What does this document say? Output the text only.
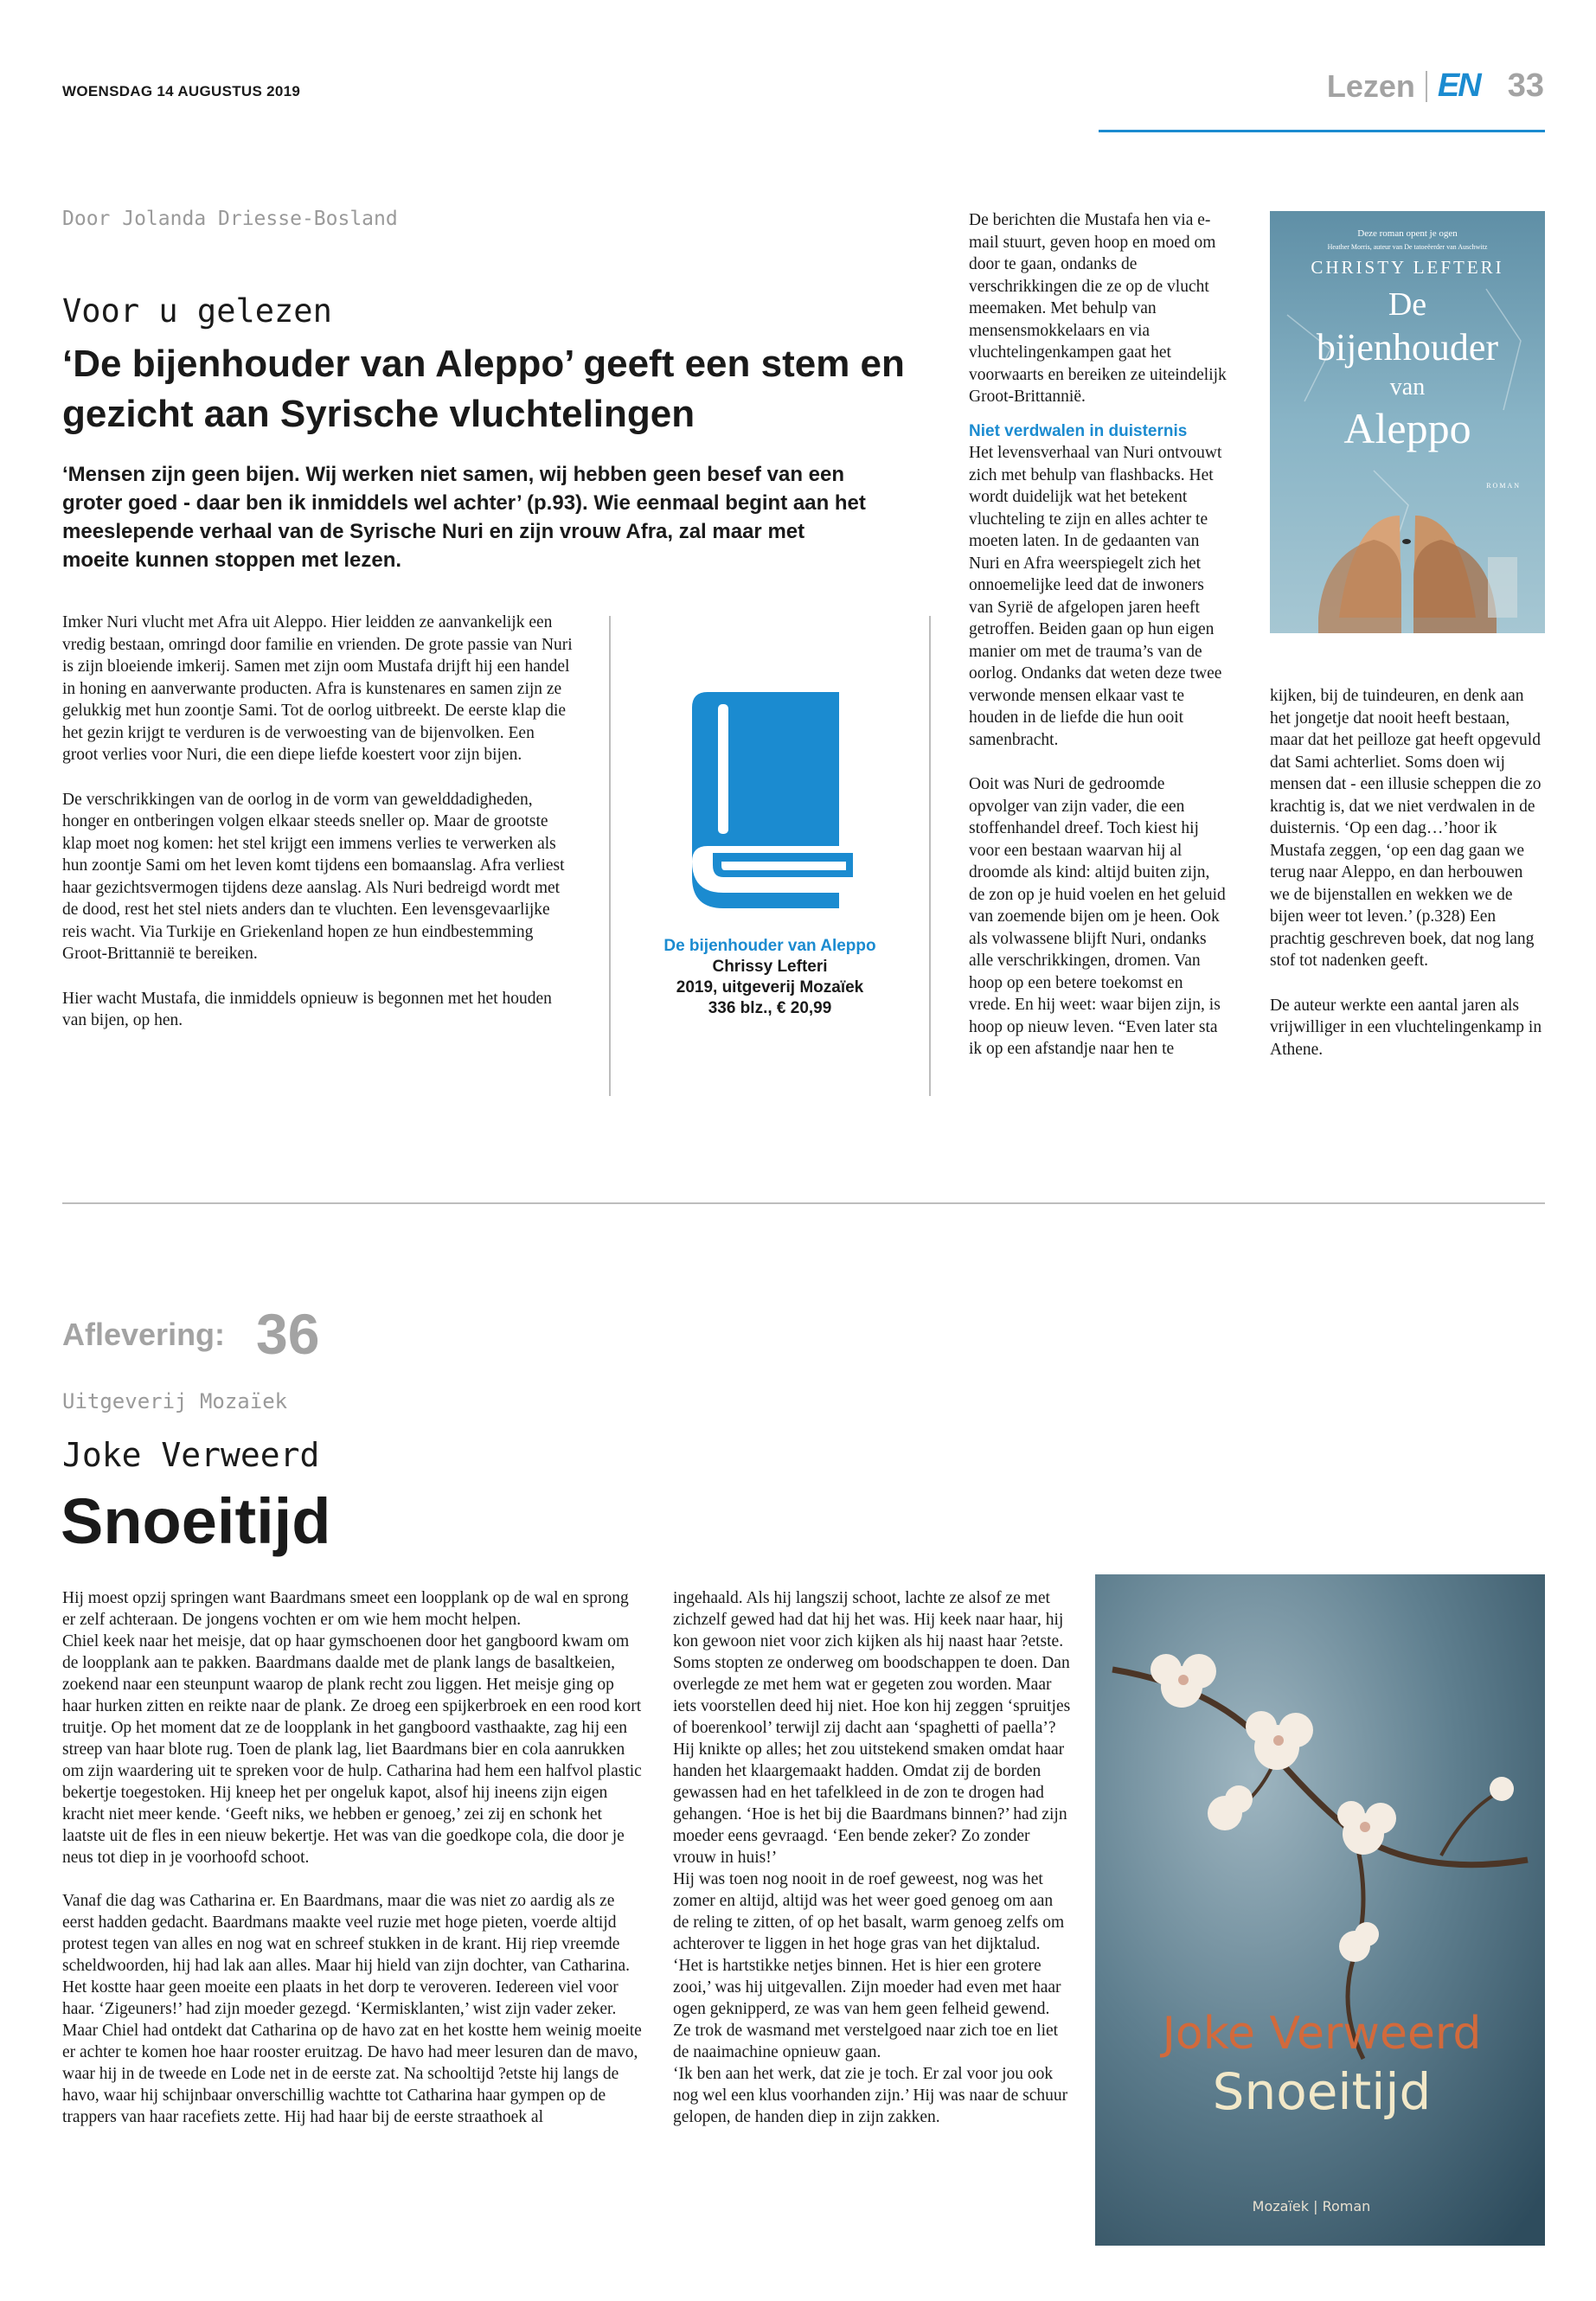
WOENSDAG 14 AUGUSTUS 2019	Lezen EN 33
Door Jolanda Driesse-Bosland
Voor u gelezen
‘De bijenhouder van Aleppo’ geeft een stem en gezicht aan Syrische vluchtelingen
‘Mensen zijn geen bijen. Wij werken niet samen, wij hebben geen besef van een groter goed - daar ben ik inmiddels wel achter’ (p.93). Wie eenmaal begint aan het meeslepende verhaal van de Syrische Nuri en zijn vrouw Afra, zal maar met moeite kunnen stoppen met lezen.

Imker Nuri vlucht met Afra uit Aleppo. Hier leidden ze aanvankelijk een vredig bestaan, omringd door familie en vrienden. De grote passie van Nuri is zijn bloeiende imkerij. Samen met zijn oom Mustafa drijft hij een handel in honing en aanverwante producten. Afra is kunstenares en samen zijn ze gelukkig met hun zoontje Sami. Tot de oorlog uitbreekt. De eerste klap die het gezin krijgt te verduren is de verwoesting van de bijenvolken. Een groot verlies voor Nuri, die een diepe liefde koestert voor zijn bijen.

De verschrikkingen van de oorlog in de vorm van gewelddadigheden, honger en ontberingen volgen elkaar steeds sneller op. Maar de grootste klap moet nog komen: het stel krijgt een immens verlies te verwerken als hun zoontje Sami om het leven komt tijdens een bomaanslag. Afra verliest haar gezichtsvermogen tijdens deze aanslag. Als Nuri bedreigd wordt met de dood, rest het stel niets anders dan te vluchten. Een levensgevaarlijke reis wacht. Via Turkije en Griekenland hopen ze hun eindbestemming Groot-Brittannië te bereiken.

Hier wacht Mustafa, die inmiddels opnieuw is begonnen met het houden van bijen, op hen.

De bijenhouder van Aleppo
Chrissy Lefteri
2019, uitgeverij Mozaïek
336 blz., € 20,99

De berichten die Mustafa hen via e-mail stuurt, geven hoop en moed om door te gaan, ondanks de verschrikkingen die ze op de vlucht meemaken. Met behulp van mensensmokkelaars en via vluchtelingenkampen gaat het voorwaarts en bereiken ze uiteindelijk Groot-Brittannië.

Niet verdwalen in duisternis

Het levensverhaal van Nuri ontvouwt zich met behulp van flashbacks. Het wordt duidelijk wat het betekent vluchteling te zijn en alles achter te moeten laten. In de gedaanten van Nuri en Afra weerspiegelt zich het onnoemelijke leed dat de inwoners van Syrië de afgelopen jaren heeft getroffen. Beiden gaan op hun eigen manier om met de trauma’s van de oorlog. Ondanks dat weten deze twee verwonde mensen elkaar vast te houden in de liefde die hun ooit samenbracht.

Ooit was Nuri de gedroomde opvolger van zijn vader, die een stoffenhandel dreef. Toch kiest hij voor een bestaan waarvan hij al droomde als kind: altijd buiten zijn, de zon op je huid voelen en het geluid van zoemende bijen om je heen. Ook als volwassene blijft Nuri, ondanks alle verschrikkingen, dromen. Van hoop op een betere toekomst en vrede. En hij weet: waar bijen zijn, is hoop op nieuw leven. “Even later sta ik op een afstandje naar hen te

Deze roman opent je ogen
Heather Morris, auteur van De tatoeëerder van Auschwitz
CHRISTY LEFTERI
De
bijenhouder
van
Aleppo
ROMAN

kijken, bij de tuindeuren, en denk aan het jongetje dat nooit heeft bestaan, maar dat het peilloze gat heeft opgevuld dat Sami achterliet. Soms doen wij mensen dat - een illusie scheppen die zo krachtig is, dat we niet verdwalen in de duisternis. ‘Op een dag…’hoor ik Mustafa zeggen, ‘op een dag gaan we terug naar Aleppo, en dan herbouwen we de bijenstallen en wekken we de bijen weer tot leven.’ (p.328) Een prachtig geschreven boek, dat nog lang stof tot nadenken geeft.

De auteur werkte een aantal jaren als vrijwilliger in een vluchtelingenkamp in Athene.

Aflevering: 36
Uitgeverij Mozaïek
Joke Verweerd
Snoeitijd
Hij moest opzij springen want Baardmans smeet een loopplank op de wal en sprong er zelf achteraan. De jongens vochten er om wie hem mocht helpen.
Chiel keek naar het meisje, dat op haar gymschoenen door het gangboord kwam om de loopplank aan te pakken. Baardmans daalde met de plank langs de basaltkeien, zoekend naar een steunpunt waarop de plank recht zou liggen. Het meisje ging op haar hurken zitten en reikte naar de plank. Ze droeg een spijkerbroek en een rood kort truitje. Op het moment dat ze de loopplank in het gangboord vasthaakte, zag hij een streep van haar blote rug. Toen de plank lag, liet Baardmans bier en cola aanrukken om zijn waardering uit te spreken voor de hulp. Catharina had hem een halfvol plastic bekertje toegestoken. Hij kneep het per ongeluk kapot, alsof hij ineens zijn eigen kracht niet meer kende. ‘Geeft niks, we hebben er genoeg,’ zei zij en schonk het laatste uit de fles in een nieuw bekertje. Het was van die goedkope cola, die door je neus tot diep in je voorhoofd schoot.
Vanaf die dag was Catharina er. En Baardmans, maar die was niet zo aardig als ze eerst hadden gedacht. Baardmans maakte veel ruzie met hoge pieten, voerde altijd protest tegen van alles en nog wat en schreef stukken in de krant. Hij riep vreemde scheldwoorden, hij had lak aan alles. Maar hij hield van zijn dochter, van Catharina. Het kostte haar geen moeite een plaats in het dorp te veroveren. Iedereen viel voor haar. ‘Zigeuners!’ had zijn moeder gezegd. ‘Kermisklanten,’ wist zijn vader zeker. Maar Chiel had ontdekt dat Catharina op de havo zat en het kostte hem weinig moeite er achter te komen hoe haar rooster eruitzag. De havo had meer lesuren dan de mavo, waar hij in de tweede en Lode net in de eerste zat. Na schooltijd ?etste hij langs de havo, waar hij schijnbaar onverschillig wachtte tot Catharina haar gympen op de trappers van haar racefiets zette. Hij had haar bij de eerste straathoek al
ingehaald. Als hij langszij schoot, lachte ze alsof ze met zichzelf gewed had dat hij het was. Hij keek naar haar, hij kon gewoon niet voor zich kijken als hij naast haar ?etste.
Soms stopten ze onderweg om boodschappen te doen. Dan overlegde ze met hem wat er gegeten zou worden. Maar iets voorstellen deed hij niet. Hoe kon hij zeggen ‘spruitjes of boerenkool’ terwijl zij dacht aan ‘spaghetti of paella’? Hij knikte op alles; het zou uitstekend smaken omdat haar handen het klaargemaakt hadden. Omdat zij de borden gewassen had en het tafelkleed in de zon te drogen had gehangen. ‘Hoe is het bij die Baardmans binnen?’ had zijn moeder eens gevraagd. ‘Een bende zeker? Zo zonder vrouw in huis!’
Hij was toen nog nooit in de roef geweest, nog was het zomer en altijd, altijd was het weer goed genoeg om aan de reling te zitten, of op het basalt, warm genoeg zelfs om achterover te liggen in het hoge gras van het dijktalud. ‘Het is hartstikke netjes binnen. Het is hier een grotere zooi,’ was hij uitgevallen. Zijn moeder had even met haar ogen geknipperd, ze was van hem geen felheid gewend. Ze trok de wasmand met verstelgoed naar zich toe en liet de naaimachine opnieuw gaan.
‘Ik ben aan het werk, dat zie je toch. Er zal voor jou ook nog wel een klus voorhanden zijn.’ Hij was naar de schuur gelopen, de handen diep in zijn zakken.
Joke Verweerd
Snoeitijd
Mozaïek | Roman
